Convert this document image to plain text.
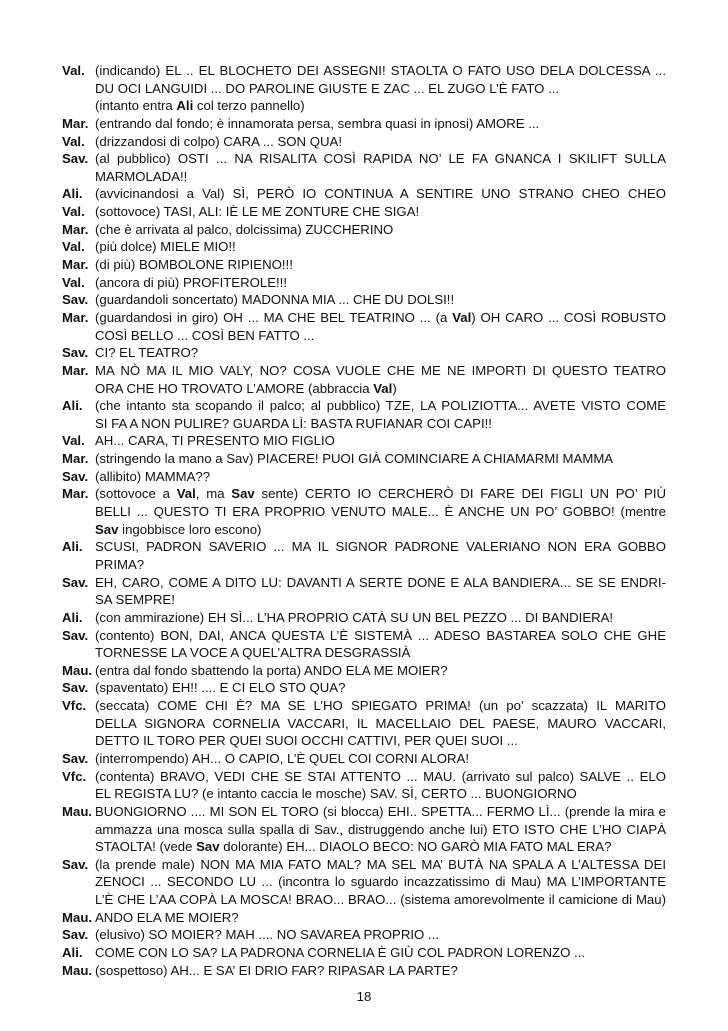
Val. (indicando) EL .. EL BLOCHETO DEI ASSEGNI! STAOLTA O FATO USO DELA DOLCESSA ...
DU OCI LANGUIDI ... DO PAROLINE GIUSTE E ZAC ... EL ZUGO L’È FATO ...
(intanto entra Ali col terzo pannello)
Mar. (entrando dal fondo; è innamorata persa, sembra quasi in ipnosi) AMORE ...
Val. (drizzandosi di colpo) CARA ... SON QUA!
Sav. (al pubblico) OSTI ... NA RISALITA COSÌ RAPIDA NO’ LE FA GNANCA I SKILIFT SULLA
MARMOLADA!!
Ali. (avvicinandosi a Val) SÌ, PERÒ IO CONTINUA A SENTIRE UNO STRANO CHEO CHEO
Val. (sottovoce) TASI, ALI: IÈ LE ME ZONTURE CHE SIGA!
Mar. (che è arrivata al palco, dolcissima) ZUCCHERINO
Val. (più dolce) MIELE MIO!!
Mar. (di più) BOMBOLONE RIPIENO!!!
Val. (ancora di più) PROFITEROLE!!!
Sav. (guardandoli soncertato) MADONNA MIA ... CHE DU DOLSI!!
Mar. (guardandosi in giro) OH ... MA CHE BEL TEATRINO ... (a Val) OH CARO ... COSÌ ROBUSTO
COSÌ BELLO ... COSÌ BEN FATTO ...
Sav. CI? EL TEATRO?
Mar. MA NÒ MA IL MIO VALY, NO? COSA VUOLE CHE ME NE IMPORTI DI QUESTO TEATRO
ORA CHE HO TROVATO L’AMORE (abbraccia Val)
Ali. (che intanto sta scopando il palco; al pubblico) TZE, LA POLIZIOTTA... AVETE VISTO COME
SI FA A NON PULIRE? GUARDA LÌ: BASTA RUFIANAR COI CAPI!!
Val. AH... CARA, TI PRESENTO MIO FIGLIO
Mar. (stringendo la mano a Sav) PIACERE! PUOI GIÀ COMINCIARE A CHIAMARMI MAMMA
Sav. (allibito) MAMMA??
Mar. (sottovoce a Val, ma Sav sente) CERTO IO CERCHERÒ DI FARE DEI FIGLI UN PO’ PIÙ
BELLI ... QUESTO TI ERA PROPRIO VENUTO MALE... È ANCHE UN PO’ GOBBO! (mentre
Sav ingobbisce loro escono)
Ali. SCUSI, PADRON SAVERIO ... MA IL SIGNOR PADRONE VALERIANO NON ERA GOBBO
PRIMA?
Sav. EH, CARO, COME A DITO LU: DAVANTI A SERTE DONE E ALA BANDIERA... SE SE ENDRI-
SA SEMPRE!
Ali. (con ammirazione) EH SÌ... L’HA PROPRIO CATÀ SU UN BEL PEZZO ... DI BANDIERA!
Sav. (contento) BON, DAI, ANCA QUESTA L’È SISTEMÀ ... ADESO BASTAREA SOLO CHE GHE
TORNESSE LA VOCE A QUEL’ALTRA DESGRASSIÀ
Mau. (entra dal fondo sbattendo la porta) ANDO ELA ME MOIER?
Sav. (spaventato) EH!! .... E CI ELO STO QUA?
Vfc. (seccata) COME CHI È? MA SE L’HO SPIEGATO PRIMA! (un po’ scazzata) IL MARITO
DELLA SIGNORA CORNELIA VACCARI, IL MACELLAIO DEL PAESE, MAURO VACCARI,
DETTO IL TORO PER QUEI SUOI OCCHI CATTIVI, PER QUEI SUOI ...
Sav. (interrompendo) AH... O CAPIO, L’È QUEL COI CORNI ALORA!
Vfc. (contenta) BRAVO, VEDI CHE SE STAI ATTENTO ... MAU. (arrivato sul palco) SALVE .. ELO
EL REGISTA LU? (e intanto caccia le mosche) SAV. SÌ, CERTO ... BUONGIORNO
Mau. BUONGIORNO .... MI SON EL TORO (si blocca) EHI.. SPETTA... FERMO LÌ... (prende la mira e
ammazza una mosca sulla spalla di Sav., distruggendo anche lui) ETO ISTO CHE L’HO CIAPÀ
STAOLTA! (vede Sav dolorante) EH... DIAOLO BECO: NO GARÒ MIA FATO MAL ERA?
Sav. (la prende male) NON MA MIA FATO MAL? MA SEL MA’ BUTÀ NA SPALA A L’ALTESSA DEI
ZENOCI ... SECONDO LU ... (incontra lo sguardo incazzatissimo di Mau) MA L’IMPORTANTE
L’È CHE L’AA COPÀ LA MOSCA! BRAO... BRAO... (sistema amorevolmente il camicione di Mau)
Mau. ANDO ELA ME MOIER?
Sav. (elusivo) SO MOIER? MAH .... NO SAVAREA PROPRIO ...
Ali. COME CON LO SA? LA PADRONA CORNELIA È GIÙ COL PADRON LORENZO ...
Mau. (sospettoso) AH... E SA’ EI DRIO FAR? RIPASAR LA PARTE?
18
